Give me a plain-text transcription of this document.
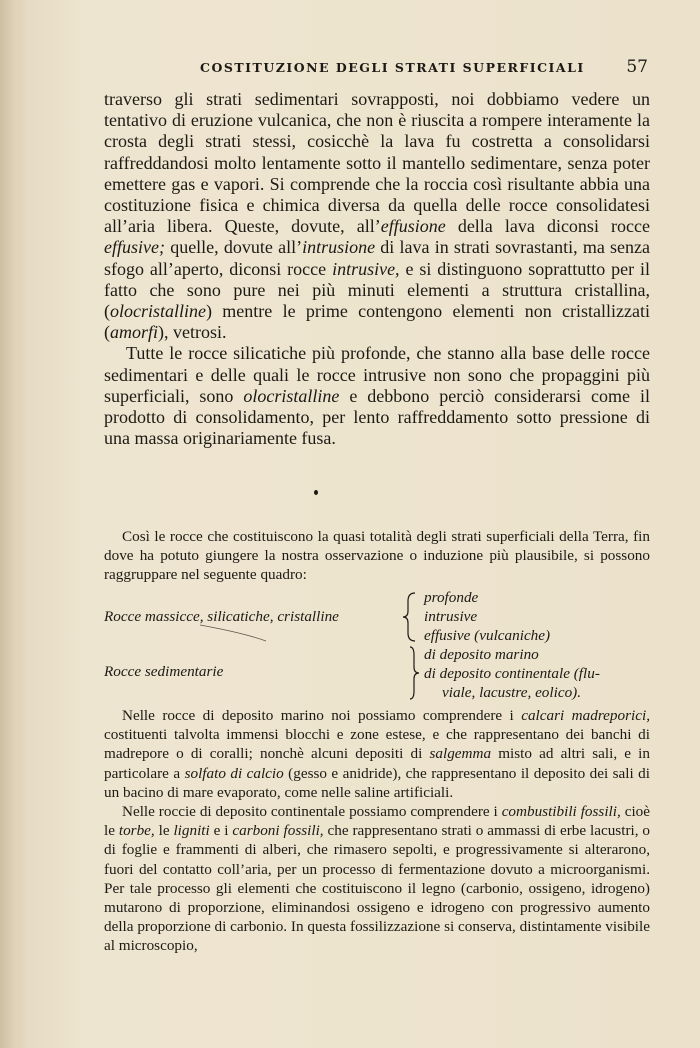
COSTITUZIONE DEGLI STRATI SUPERFICIALI 57

traverso gli strati sedimentari sovrapposti, noi dobbiamo vedere un tentativo di eruzione vulcanica, che non è riuscita a rompere interamente la crosta degli strati stessi, cosicchè la lava fu costretta a consolidarsi raffreddandosi molto lentamente sotto il mantello sedimentare, senza poter emettere gas e vapori. Si comprende che la roccia così risultante abbia una costituzione fisica e chimica diversa da quella delle rocce consolidatesi all’aria libera. Queste, dovute, all’effusione della lava diconsi rocce effusive; quelle, dovute all’intrusione di lava in strati sovrastanti, ma senza sfogo all’aperto, diconsi rocce intrusive, e si distinguono soprattutto per il fatto che sono pure nei più minuti elementi a struttura cristallina, (olocristalline) mentre le prime contengono elementi non cristallizzati (amorfi), vetrosi.

Tutte le rocce silicatiche più profonde, che stanno alla base delle rocce sedimentari e delle quali le rocce intrusive non sono che propaggini più superficiali, sono olocristalline e debbono perciò considerarsi come il prodotto di consolidamento, per lento raffreddamento sotto pressione di una massa originariamente fusa.

Così le rocce che costituiscono la quasi totalità degli strati superficiali della Terra, fin dove ha potuto giungere la nostra osservazione o induzione più plausibile, si possono raggruppare nel seguente quadro:

Rocce massicce, silicatiche, cristalline
profonde
intrusive
effusive (vulcaniche)
Rocce sedimentarie
di deposito marino
di deposito continentale (flu-
viale, lacustre, eolico).

Nelle rocce di deposito marino noi possiamo comprendere i calcari madreporici, costituenti talvolta immensi blocchi e zone estese, e che rappresentano dei banchi di madrepore o di coralli; nonchè alcuni depositi di salgemma misto ad altri sali, e in particolare a solfato di calcio (gesso e anidride), che rappresentano il deposito dei sali di un bacino di mare evaporato, come nelle saline artificiali.

Nelle roccie di deposito continentale possiamo comprendere i combustibili fossili, cioè le torbe, le ligniti e i carboni fossili, che rappresentano strati o ammassi di erbe lacustri, o di foglie e frammenti di alberi, che rimasero sepolti, e progressivamente si alterarono, fuori del contatto coll’aria, per un processo di fermentazione dovuto a microorganismi. Per tale processo gli elementi che costituiscono il legno (carbonio, ossigeno, idrogeno) mutarono di proporzione, eliminandosi ossigeno e idrogeno con progressivo aumento della proporzione di carbonio. In questa fossilizzazione si conserva, distintamente visibile al microscopio,
